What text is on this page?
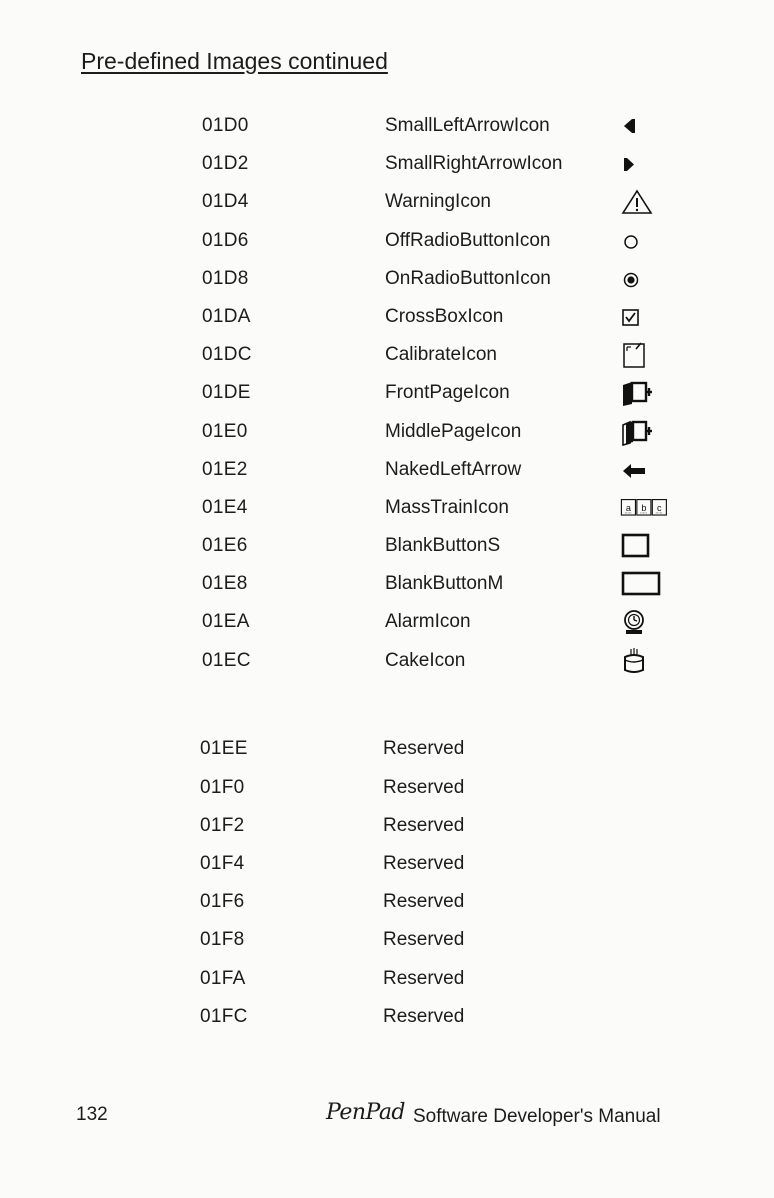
Pre-defined Images continued
01D0	SmallLeftArrowIcon
01D2	SmallRightArrowIcon
01D4	WarningIcon
01D6	OffRadioButtonIcon
01D8	OnRadioButtonIcon
01DA	CrossBoxIcon
01DC	CalibrateIcon
01DE	FrontPageIcon
01E0	MiddlePageIcon
01E2	NakedLeftArrow
01E4	MassTrainIcon	a b c
01E6	BlankButtonS
01E8	BlankButtonM
01EA	AlarmIcon
01EC	CakeIcon
01EE	Reserved
01F0	Reserved
01F2	Reserved
01F4	Reserved
01F6	Reserved
01F8	Reserved
01FA	Reserved
01FC	Reserved
132	PenPad Software Developer's Manual
